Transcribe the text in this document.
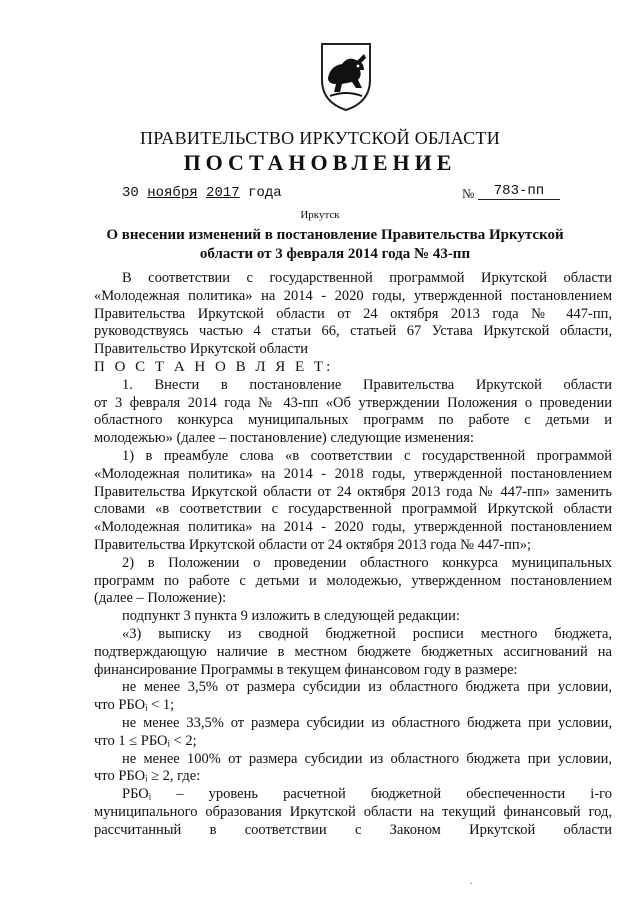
ПРАВИТЕЛЬСТВО ИРКУТСКОЙ ОБЛАСТИ
ПОСТАНОВЛЕНИЕ
30 ноября 2017 года	№	783-пп
Иркутск
О внесении изменений в постановление Правительства Иркутской
области от 3 февраля 2014 года № 43-пп

В соответствии с государственной программой Иркутской области

«Молодежная политика» на 2014 - 2020 годы, утвержденной постановлением

Правительства Иркутской области от 24 октября 2013 года № 447-пп,

руководствуясь частью 4 статьи 66, статьей 67 Устава Иркутской области,

Правительство Иркутской области

П О С Т А Н О В Л Я Е Т:

1. Внести в постановление Правительства Иркутской области

от 3 февраля 2014 года № 43-пп «Об утверждении Положения о проведении

областного конкурса муниципальных программ по работе с детьми и

молодежью» (далее – постановление) следующие изменения:

1) в преамбуле слова «в соответствии с государственной программой

«Молодежная политика» на 2014 - 2018 годы, утвержденной постановлением

Правительства Иркутской области от 24 октября 2013 года № 447-пп» заменить

словами «в соответствии с государственной программой Иркутской области

«Молодежная политика» на 2014 - 2020 годы, утвержденной постановлением

Правительства Иркутской области от 24 октября 2013 года № 447-пп»;

2) в Положении о проведении областного конкурса муниципальных

программ по работе с детьми и молодежью, утвержденном постановлением

(далее – Положение):

подпункт 3 пункта 9 изложить в следующей редакции:

«3) выписку из сводной бюджетной росписи местного бюджета,

подтверждающую наличие в местном бюджете бюджетных ассигнований на

финансирование Программы в текущем финансовом году в размере:

не менее 3,5% от размера субсидии из областного бюджета при условии,

что РБОᵢ < 1;

не менее 33,5% от размера субсидии из областного бюджета при условии,

что 1 ≤ РБОᵢ < 2;

не менее 100% от размера субсидии из областного бюджета при условии,

что РБОᵢ ≥ 2, где:

РБОᵢ – уровень расчетной бюджетной обеспеченности i-го

муниципального образования Иркутской области на текущий финансовый год,

рассчитанный в соответствии с Законом Иркутской области

.
